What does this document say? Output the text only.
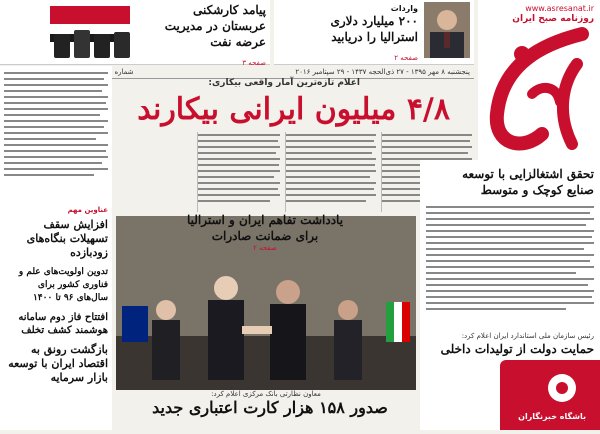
www.asresanat.ir
روزنامه صبح ایران

واردات

۲۰۰ میلیارد دلاری

استرالیا را دریابید

صفحه ۲

پیامد کارشکنی

عربستان در مدیریت

عرضه نفت

صفحه ۳
پنجشنبه ۸ مهر ۱۳۹۵ - ۲۷ ذی‌الحجه ۱۴۳۷ - ۲۹ سپتامبر ۲۰۱۶
شماره
اعلام تازه‌ترین آمار واقعی بیکاری:
۴/۸ میلیون ایرانی بیکارند
یادداشت تفاهم ایران و استرالیا
برای ضمانت صادرات
صفحه ۲
معاون نظارتی بانک مرکزی اعلام کرد:
صدور ۱۵۸ هزار کارت اعتباری جدید
تحقق اشتغالزایی با توسعه
صنایع کوچک و متوسط
رئیس سازمان ملی استاندارد ایران اعلام کرد:
حمایت دولت از تولیدات داخلی
عناوین مهم
افزایش سقف تسهیلات بنگاه‌های زودبازده
تدوین اولویت‌های علم و فناوری کشور برای سال‌های ۹۶ تا ۱۴۰۰
افتتاح فاز دوم سامانه هوشمند کشف تخلف
بازگشت رونق به اقتصاد ایران با توسعه بازار سرمایه
باشگاه خبرنگاران
